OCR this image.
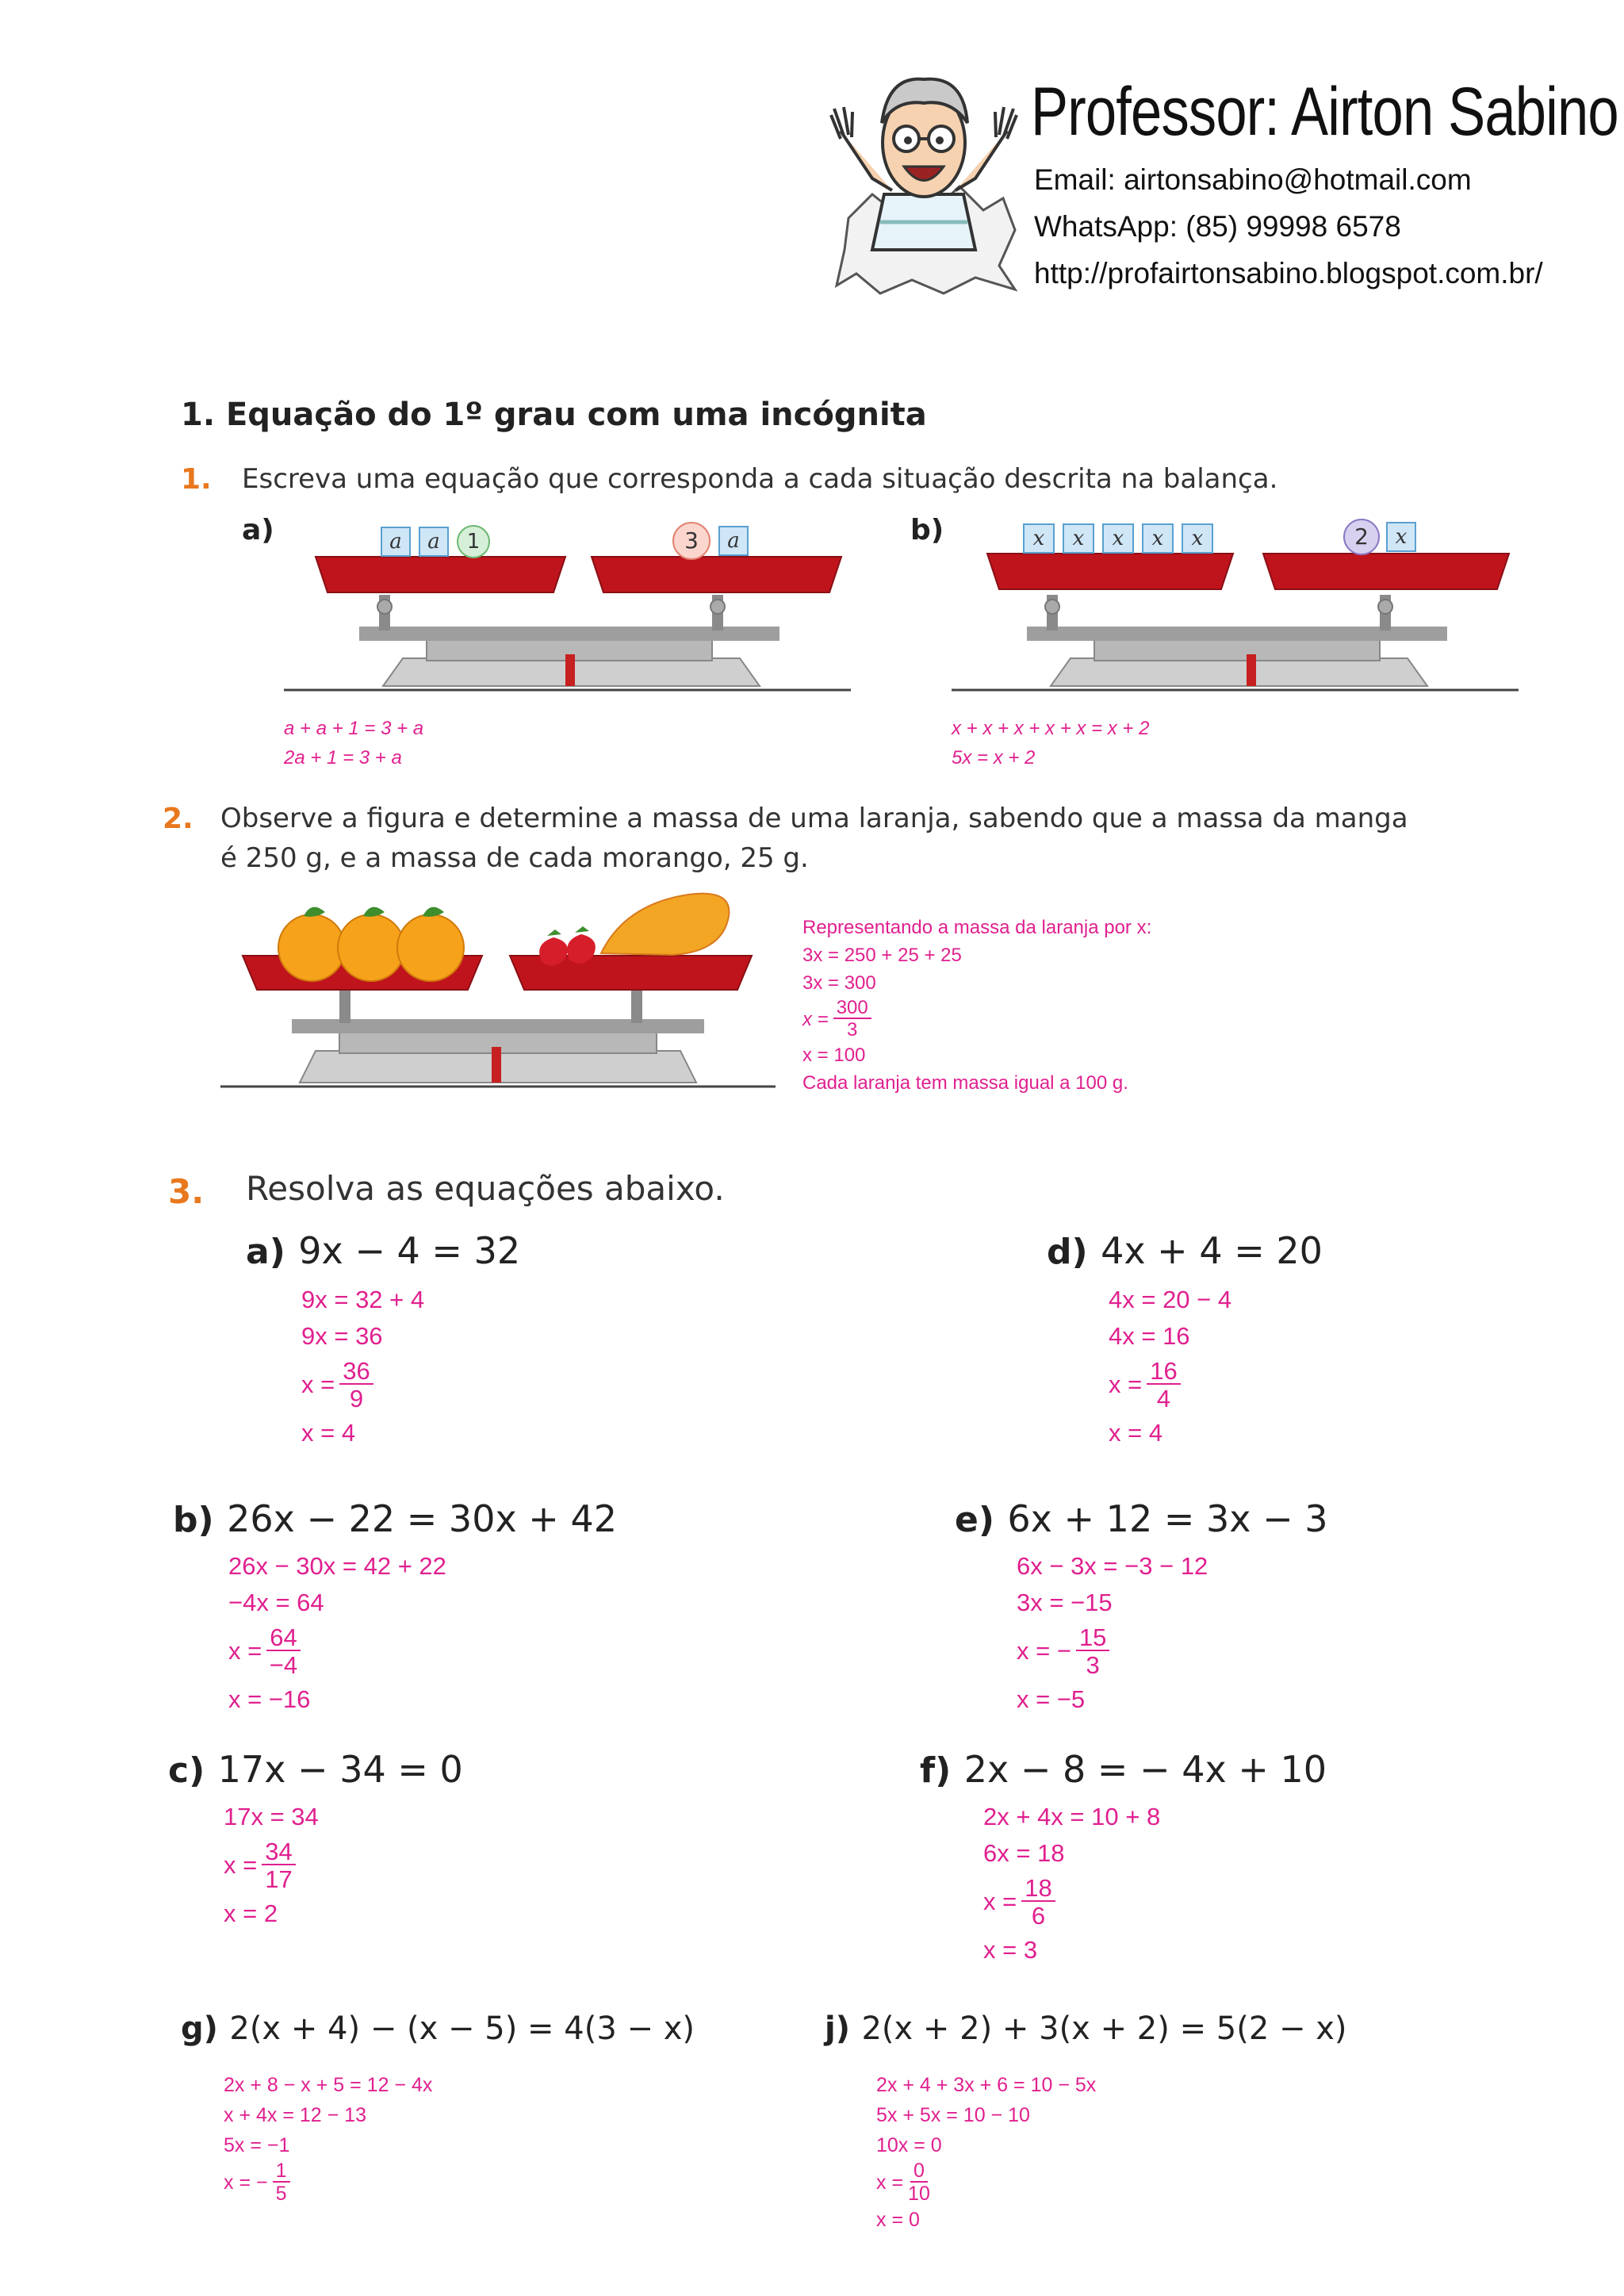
Professor: Airton Sabino
Email: airtonsabino@hotmail.com
WhatsApp: (85) 99998 6578
http://profairtonsabino.blogspot.com.br/
1. Equação do 1º grau com uma incógnita
1. Escreva uma equação que corresponda a cada situação descrita na balança.
a)	b)
a	a	1	3	a	x	x	x	x	x	2	x
a + a + 1 = 3 + a
2a + 1 = 3 + a
x + x + x + x + x = x + 2
5x = x + 2
2. Observe a figura e determine a massa de uma laranja, sabendo que a massa da manga
é 250 g, e a massa de cada morango, 25 g.
Representando a massa da laranja por x:
3x = 250 + 25 + 25
3x = 300
$x = \frac{300}{3}$
x = 100
Cada laranja tem massa igual a 100 g.
3. Resolva as equações abaixo.
a) 9x − 4 = 32
9x = 32 + 4
9x = 36
$x = \frac{36}{9}$
x = 4
d) 4x + 4 = 20
4x = 20 − 4
4x = 16
$x = \frac{16}{4}$
x = 4
b) 26x − 22 = 30x + 42
26x − 30x = 42 + 22
−4x = 64
$x = \frac{64}{-4}$
x = −16
e) 6x + 12 = 3x − 3
6x − 3x = −3 − 12
3x = −15
x = − $\frac{15}{3}$
x = −5
c) 17x − 34 = 0
17x = 34
$x = \frac{34}{17}$
x = 2
f) 2x − 8 = − 4x + 10
2x + 4x = 10 + 8
6x = 18
$x = \frac{18}{6}$
x = 3
g) 2(x + 4) − (x − 5) = 4(3 − x)
2x + 8 − x + 5 = 12 − 4x
x + 4x = 12 − 13
5x = −1
x = − $\frac{1}{5}$
j) 2(x + 2) + 3(x + 2) = 5(2 − x)
2x + 4 + 3x + 6 = 10 − 5x
5x + 5x = 10 − 10
10x = 0
$x = \frac{0}{10}$
x = 0
